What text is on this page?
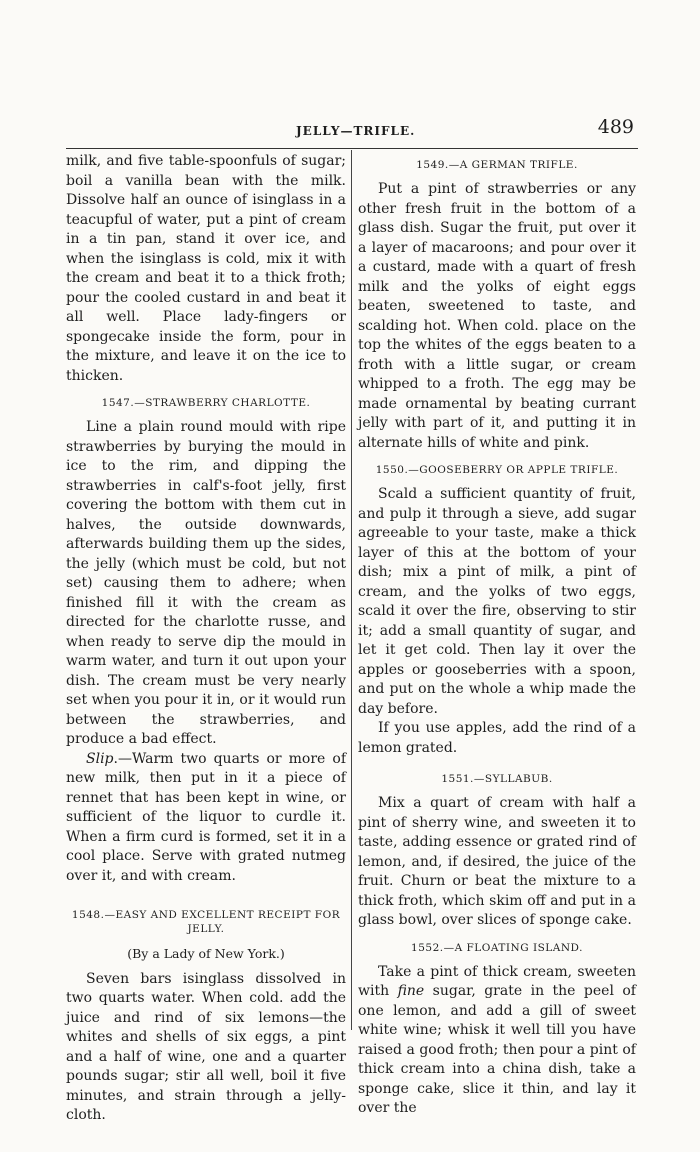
JELLY—TRIFLE.	489

milk, and five table-spoonfuls of sugar; boil a vanilla bean with the milk. Dissolve half an ounce of isinglass in a teacupful of water, put a pint of cream in a tin pan, stand it over ice, and when the isinglass is cold, mix it with the cream and beat it to a thick froth; pour the cooled custard in and beat it all well. Place lady-fingers or spongecake inside the form, pour in the mixture, and leave it on the ice to thicken.

1547.—STRAWBERRY CHARLOTTE.

Line a plain round mould with ripe strawberries by burying the mould in ice to the rim, and dipping the strawberries in calf's-foot jelly, first covering the bottom with them cut in halves, the outside downwards, afterwards building them up the sides, the jelly (which must be cold, but not set) causing them to adhere; when finished fill it with the cream as directed for the charlotte russe, and when ready to serve dip the mould in warm water, and turn it out upon your dish. The cream must be very nearly set when you pour it in, or it would run between the strawberries, and produce a bad effect.

Slip.—Warm two quarts or more of new milk, then put in it a piece of rennet that has been kept in wine, or sufficient of the liquor to curdle it. When a firm curd is formed, set it in a cool place. Serve with grated nutmeg over it, and with cream.

1548.—EASY AND EXCELLENT RECEIPT FOR JELLY.
(By a Lady of New York.)

Seven bars isinglass dissolved in two quarts water. When cold. add the juice and rind of six lemons—the whites and shells of six eggs, a pint and a half of wine, one and a quarter pounds sugar; stir all well, boil it five minutes, and strain through a jelly-cloth.

1549.—A GERMAN TRIFLE.

Put a pint of strawberries or any other fresh fruit in the bottom of a glass dish. Sugar the fruit, put over it a layer of macaroons; and pour over it a custard, made with a quart of fresh milk and the yolks of eight eggs beaten, sweetened to taste, and scalding hot. When cold. place on the top the whites of the eggs beaten to a froth with a little sugar, or cream whipped to a froth. The egg may be made ornamental by beating currant jelly with part of it, and putting it in alternate hills of white and pink.

1550.—GOOSEBERRY OR APPLE TRIFLE.

Scald a sufficient quantity of fruit, and pulp it through a sieve, add sugar agreeable to your taste, make a thick layer of this at the bottom of your dish; mix a pint of milk, a pint of cream, and the yolks of two eggs, scald it over the fire, observing to stir it; add a small quantity of sugar, and let it get cold. Then lay it over the apples or gooseberries with a spoon, and put on the whole a whip made the day before.

If you use apples, add the rind of a lemon grated.

1551.—SYLLABUB.

Mix a quart of cream with half a pint of sherry wine, and sweeten it to taste, adding essence or grated rind of lemon, and, if desired, the juice of the fruit. Churn or beat the mixture to a thick froth, which skim off and put in a glass bowl, over slices of sponge cake.

1552.—A FLOATING ISLAND.

Take a pint of thick cream, sweeten with fine sugar, grate in the peel of one lemon, and add a gill of sweet white wine; whisk it well till you have raised a good froth; then pour a pint of thick cream into a china dish, take a sponge cake, slice it thin, and lay it over the
